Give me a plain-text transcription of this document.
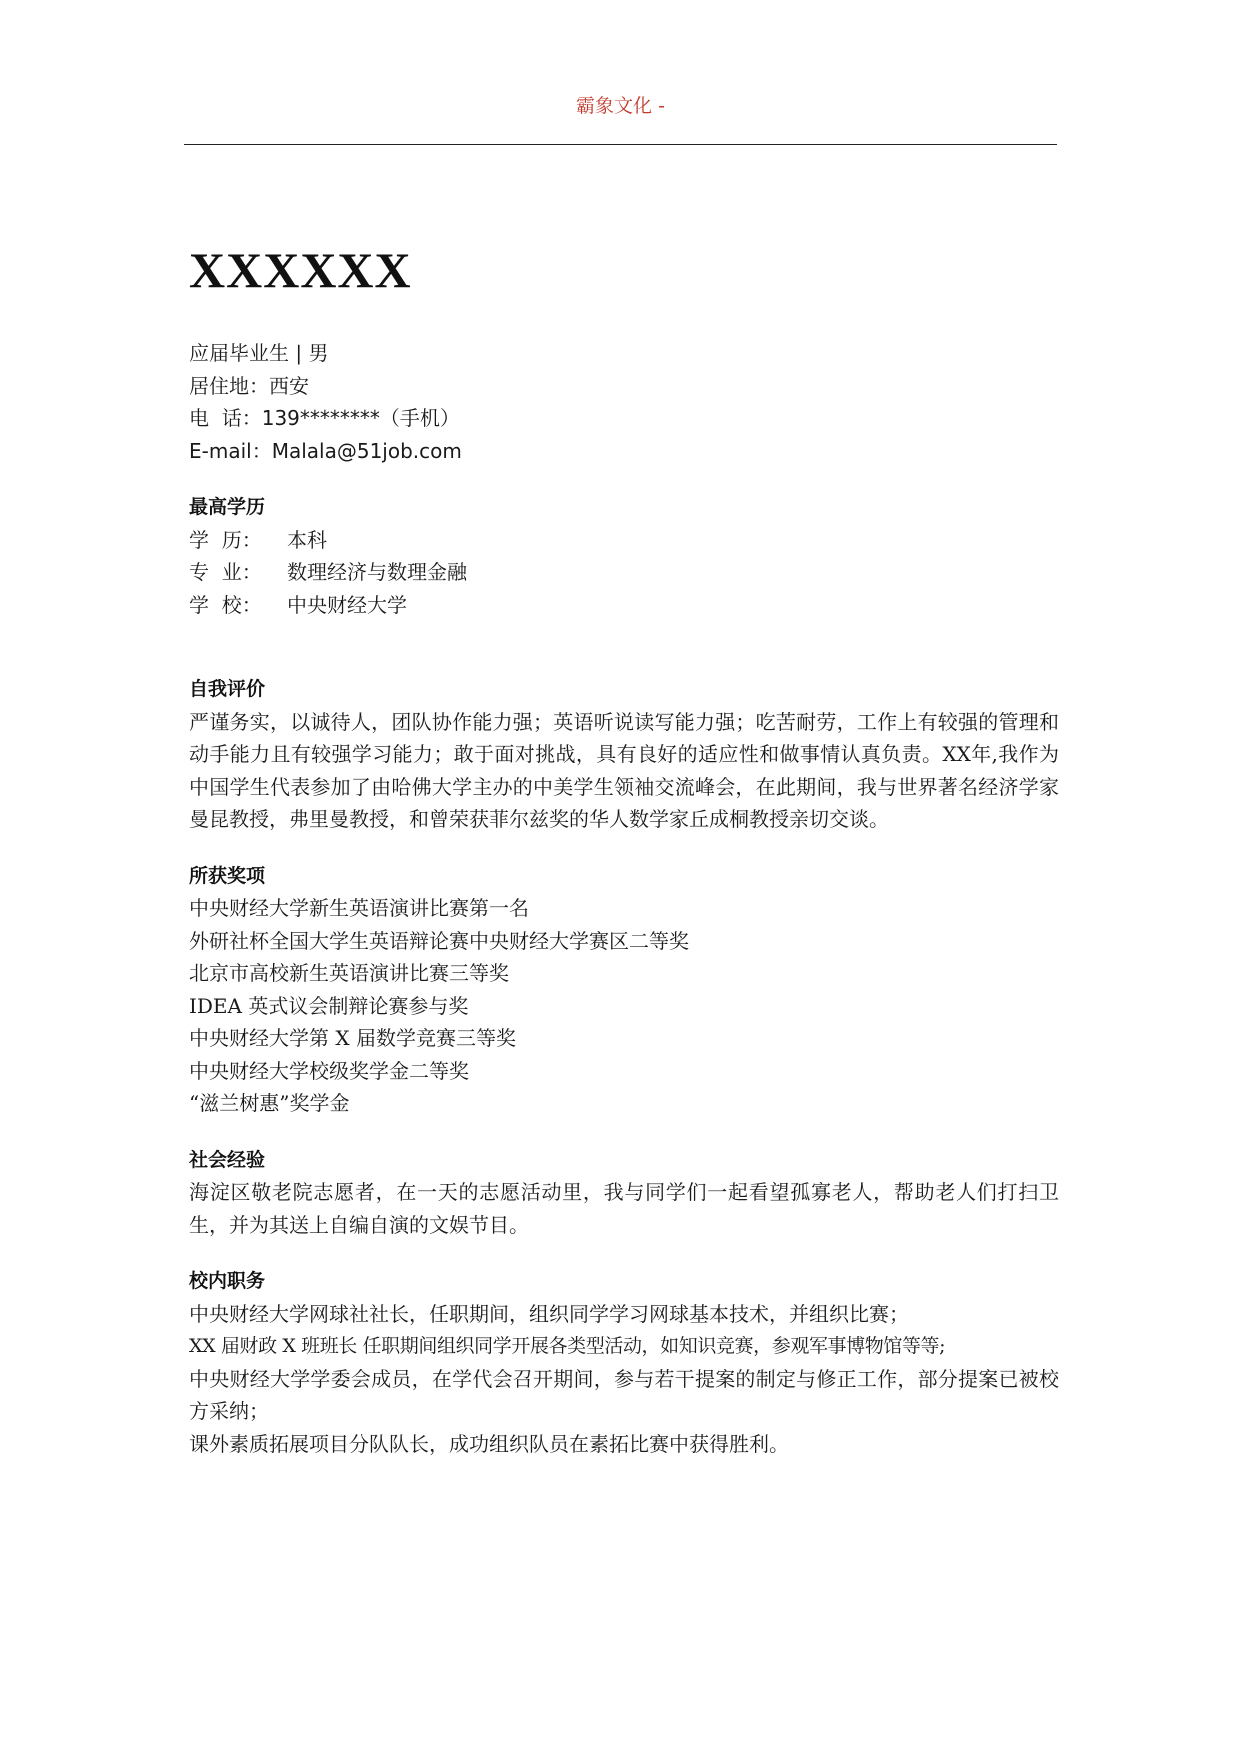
霸象文化 -
XXXXXX
应届毕业生 | 男
居住地：西安
电  话：139********（手机）
E-mail：Malala@51job.com
最高学历
学  历：	本科
专  业：	数理经济与数理金融
学  校：	中央财经大学
自我评价

严谨务实，以诚待人，团队协作能力强；英语听说读写能力强；吃苦耐劳，工作上有较强的管理和动手能力且有较强学习能力；敢于面对挑战，具有良好的适应性和做事情认真负责。XX年,我作为中国学生代表参加了由哈佛大学主办的中美学生领袖交流峰会，在此期间，我与世界著名经济学家曼昆教授，弗里曼教授，和曾荣获菲尔兹奖的华人数学家丘成桐教授亲切交谈。

所获奖项
中央财经大学新生英语演讲比赛第一名
外研社杯全国大学生英语辩论赛中央财经大学赛区二等奖
北京市高校新生英语演讲比赛三等奖
IDEA 英式议会制辩论赛参与奖
中央财经大学第 X 届数学竞赛三等奖
中央财经大学校级奖学金二等奖
“滋兰树惠”奖学金
社会经验

海淀区敬老院志愿者，在一天的志愿活动里，我与同学们一起看望孤寡老人，帮助老人们打扫卫生，并为其送上自编自演的文娱节目。

校内职务

中央财经大学网球社社长，任职期间，组织同学学习网球基本技术，并组织比赛；

XX 届财政 X 班班长 任职期间组织同学开展各类型活动，如知识竞赛，参观军事博物馆等等;

中央财经大学学委会成员，在学代会召开期间，参与若干提案的制定与修正工作，部分提案已被校方采纳；

课外素质拓展项目分队队长，成功组织队员在素拓比赛中获得胜利。
